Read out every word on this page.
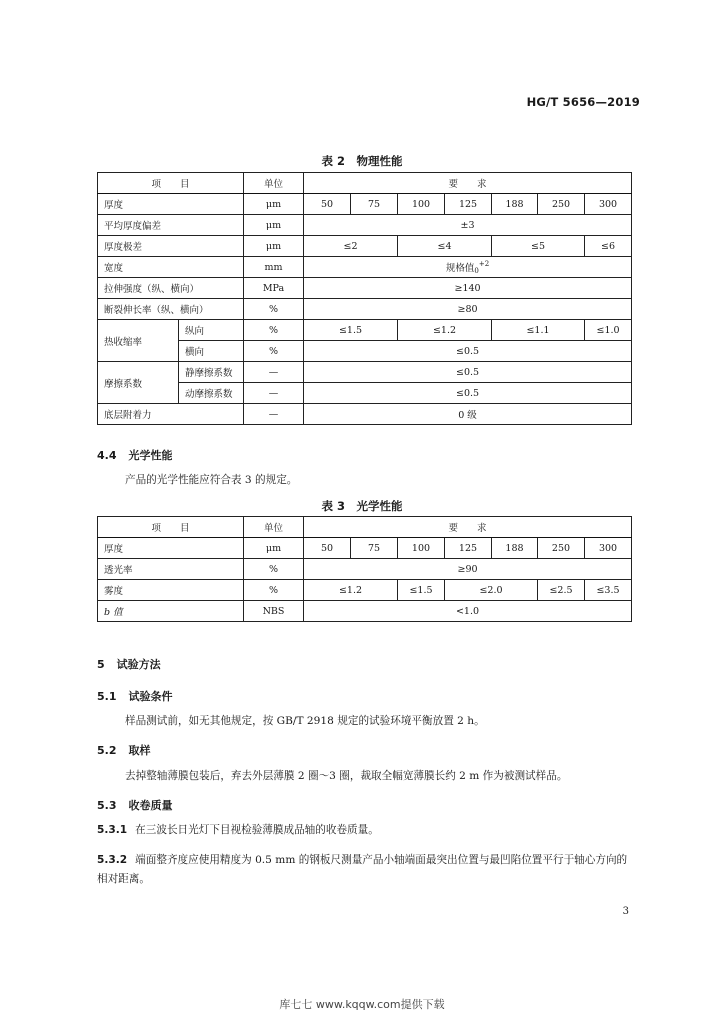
HG/T 5656—2019
表 2　物理性能
项　　目		单位	要　　求						
厚度		μm	50	75	100	125	188	250	300
平均厚度偏差		μm	±3						
厚度极差		μm	≤2		≤4		≤5		≤6
宽度		mm	规格值$_0^{+2}$
拉伸强度（纵、横向）		MPa	≥140						
断裂伸长率（纵、横向）		%	≥80						
热收缩率	纵向	%	≤1.5		≤1.2		≤1.1		≤1.0
	横向	%	≤0.5						
摩擦系数	静摩擦系数	—	≤0.5						
	动摩擦系数	—	≤0.5						
底层附着力		—	0 级						
4.4 光学性能
产品的光学性能应符合表 3 的规定。
表 3　光学性能
项　　目	单位	要　　求						
厚度	μm	50	75	100	125	188	250	300
透光率	%	≥90						
雾度	%	≤1.2		≤1.5	≤2.0		≤2.5	≤3.5
b 值	NBS	<1.0						
5 试验方法
5.1 试验条件
样品测试前，如无其他规定，按 GB/T 2918 规定的试验环境平衡放置 2 h。
5.2 取样
去掉整轴薄膜包装后，弃去外层薄膜 2 圈～3 圈，裁取全幅宽薄膜长约 2 m 作为被测试样品。
5.3 收卷质量
5.3.1 在三波长日光灯下目视检验薄膜成品轴的收卷质量。
5.3.2 端面整齐度应使用精度为 0.5 mm 的钢板尺测量产品小轴端面最突出位置与最凹陷位置平行于轴心方向的相对距离。
3
库七七 www.kqqw.com提供下载
